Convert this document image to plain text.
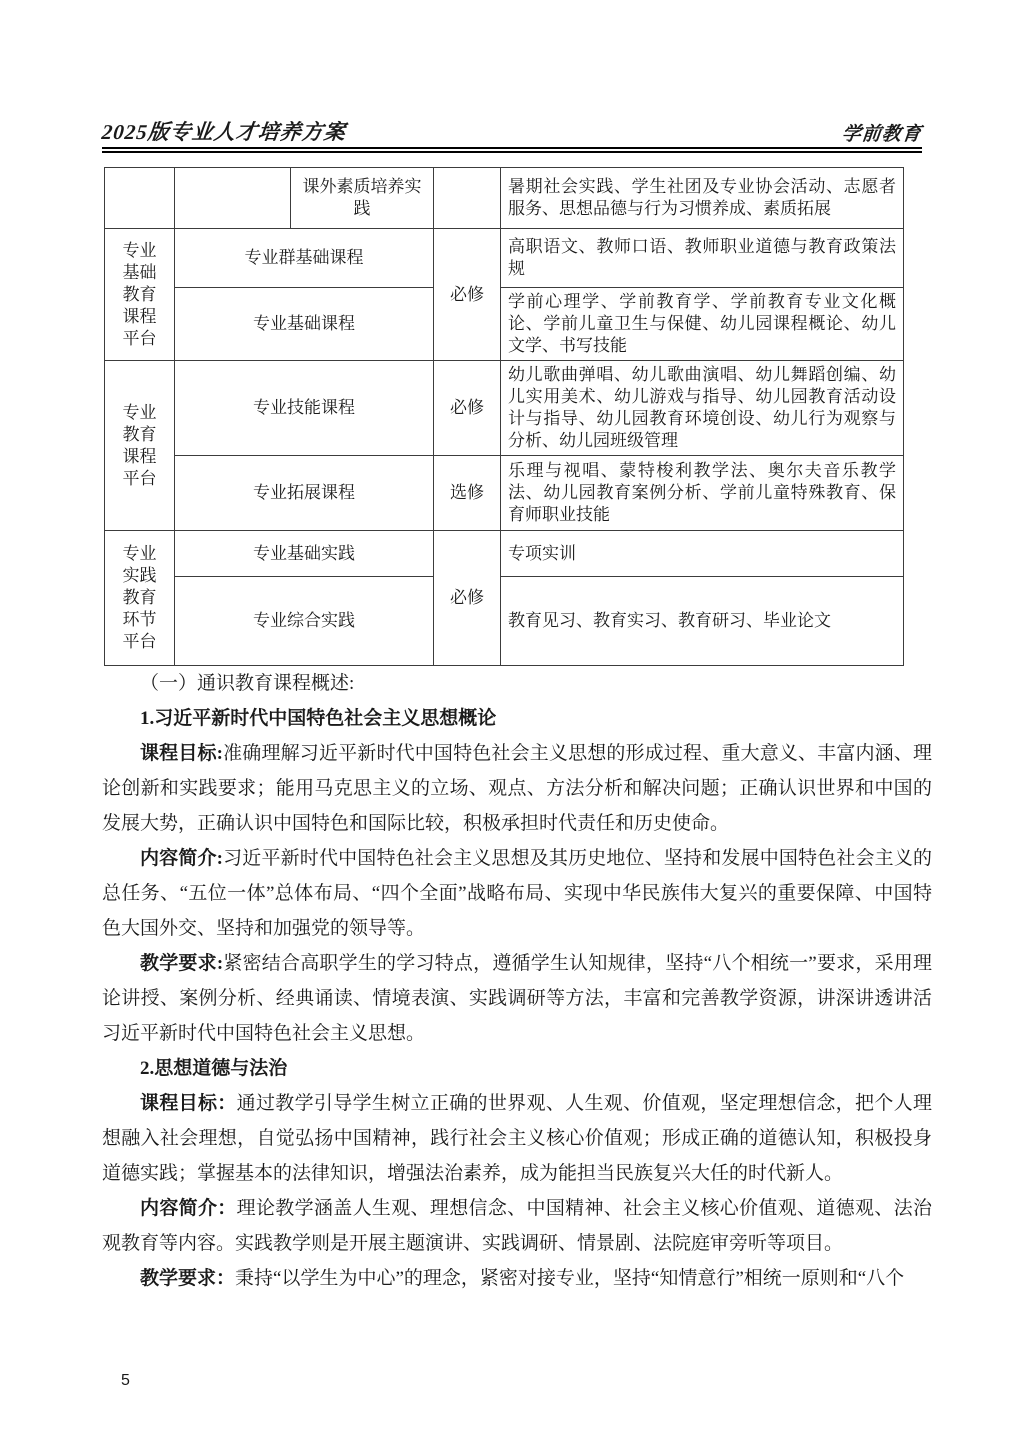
2025版专业人才培养方案	学前教育
		课外素质培养实践		暑期社会实践、学生社团及专业协会活动、志愿者服务、思想品德与行为习惯养成、素质拓展
专业基础教育课程平台	专业群基础课程		必修	高职语文、教师口语、教师职业道德与教育政策法规
	专业基础课程			学前心理学、学前教育学、学前教育专业文化概论、学前儿童卫生与保健、幼儿园课程概论、幼儿文学、书写技能
专业教育课程平台	专业技能课程		必修	幼儿歌曲弹唱、幼儿歌曲演唱、幼儿舞蹈创编、幼儿实用美术、幼儿游戏与指导、幼儿园教育活动设计与指导、幼儿园教育环境创设、幼儿行为观察与分析、幼儿园班级管理
	专业拓展课程		选修	乐理与视唱、蒙特梭利教学法、奥尔夫音乐教学法、幼儿园教育案例分析、学前儿童特殊教育、保育师职业技能
专业实践教育环节平台	专业基础实践		必修	专项实训
	专业综合实践			教育见习、教育实习、教育研习、毕业论文

（一）通识教育课程概述:

1.习近平新时代中国特色社会主义思想概论

课程目标:准确理解习近平新时代中国特色社会主义思想的形成过程、重大意义、丰富内涵、理论创新和实践要求；能用马克思主义的立场、观点、方法分析和解决问题；正确认识世界和中国的发展大势，正确认识中国特色和国际比较，积极承担时代责任和历史使命。

内容简介:习近平新时代中国特色社会主义思想及其历史地位、坚持和发展中国特色社会主义的总任务、“五位一体”总体布局、“四个全面”战略布局、实现中华民族伟大复兴的重要保障、中国特色大国外交、坚持和加强党的领导等。

教学要求:紧密结合高职学生的学习特点，遵循学生认知规律，坚持“八个相统一”要求，采用理 论讲授、案例分析、经典诵读、情境表演、实践调研等方法，丰富和完善教学资源，讲深讲透讲活习近平新时代中国特色社会主义思想。

2.思想道德与法治

课程目标：通过教学引导学生树立正确的世界观、人生观、价值观，坚定理想信念，把个人理想融入社会理想，自觉弘扬中国精神，践行社会主义核心价值观；形成正确的道德认知，积极投身道德实践；掌握基本的法律知识，增强法治素养，成为能担当民族复兴大任的时代新人。

内容简介：理论教学涵盖人生观、理想信念、中国精神、社会主义核心价值观、道德观、法治观教育等内容。实践教学则是开展主题演讲、实践调研、情景剧、法院庭审旁听等项目。

教学要求：秉持“以学生为中心”的理念，紧密对接专业，坚持“知情意行”相统一原则和“八个

5
